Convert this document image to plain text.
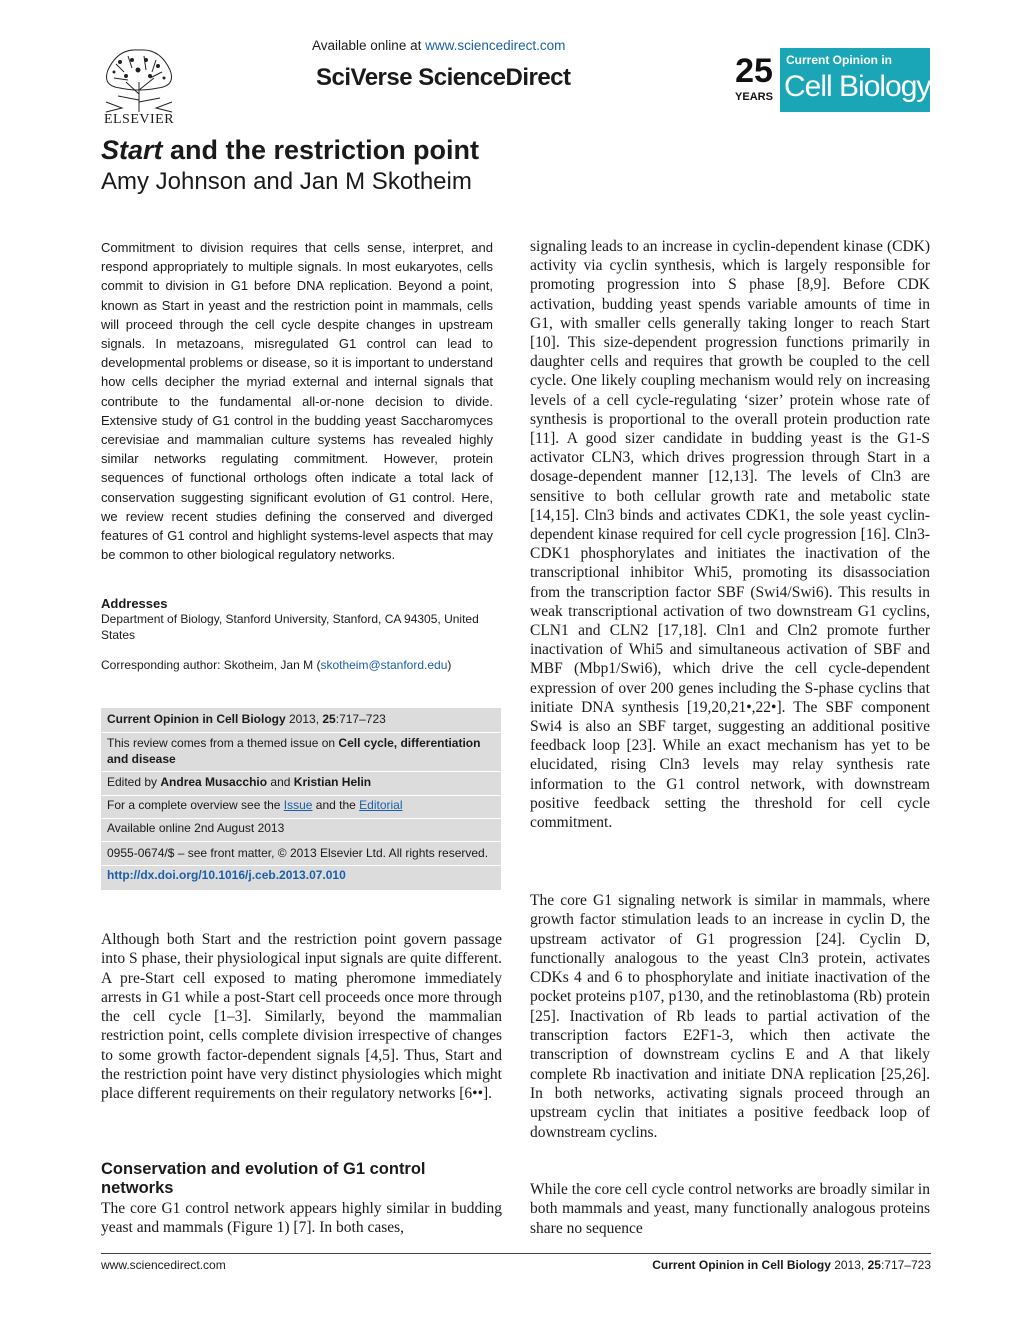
ELSEVIER
Available online at www.sciencedirect.com
SciVerse ScienceDirect	25
YEARS
Current Opinion in
Cell Biology
Start and the restriction point
Amy Johnson and Jan M Skotheim
Commitment to division requires that cells sense, interpret, and respond appropriately to multiple signals. In most eukaryotes, cells commit to division in G1 before DNA replication. Beyond a point, known as Start in yeast and the restriction point in mammals, cells will proceed through the cell cycle despite changes in upstream signals. In metazoans, misregulated G1 control can lead to developmental problems or disease, so it is important to understand how cells decipher the myriad external and internal signals that contribute to the fundamental all-or-none decision to divide. Extensive study of G1 control in the budding yeast Saccharomyces cerevisiae and mammalian culture systems has revealed highly similar networks regulating commitment. However, protein sequences of functional orthologs often indicate a total lack of conservation suggesting significant evolution of G1 control. Here, we review recent studies defining the conserved and diverged features of G1 control and highlight systems-level aspects that may be common to other biological regulatory networks.
Addresses
Department of Biology, Stanford University, Stanford, CA 94305, United States
Corresponding author: Skotheim, Jan M (skotheim@stanford.edu)
Current Opinion in Cell Biology 2013, 25:717–723
This review comes from a themed issue on Cell cycle, differentiation and disease
Edited by Andrea Musacchio and Kristian Helin
For a complete overview see the Issue and the Editorial
Available online 2nd August 2013
0955-0674/$ – see front matter, © 2013 Elsevier Ltd. All rights reserved.
http://dx.doi.org/10.1016/j.ceb.2013.07.010
Although both Start and the restriction point govern passage into S phase, their physiological input signals are quite different. A pre-Start cell exposed to mating pheromone immediately arrests in G1 while a post-Start cell proceeds once more through the cell cycle [1–3]. Similarly, beyond the mammalian restriction point, cells complete division irrespective of changes to some growth factor-dependent signals [4,5]. Thus, Start and the restriction point have very distinct physiologies which might place different requirements on their regulatory networks [6••].
Conservation and evolution of G1 control networks
The core G1 control network appears highly similar in budding yeast and mammals (Figure 1) [7]. In both cases,
signaling leads to an increase in cyclin-dependent kinase (CDK) activity via cyclin synthesis, which is largely responsible for promoting progression into S phase [8,9]. Before CDK activation, budding yeast spends variable amounts of time in G1, with smaller cells generally taking longer to reach Start [10]. This size-dependent progression functions primarily in daughter cells and requires that growth be coupled to the cell cycle. One likely coupling mechanism would rely on increasing levels of a cell cycle-regulating ‘sizer’ protein whose rate of synthesis is proportional to the overall protein production rate [11]. A good sizer candidate in budding yeast is the G1-S activator CLN3, which drives progression through Start in a dosage-dependent manner [12,13]. The levels of Cln3 are sensitive to both cellular growth rate and metabolic state [14,15]. Cln3 binds and activates CDK1, the sole yeast cyclin-dependent kinase required for cell cycle progression [16]. Cln3-CDK1 phosphorylates and initiates the inactivation of the transcriptional inhibitor Whi5, promoting its disassociation from the transcription factor SBF (Swi4/Swi6). This results in weak transcriptional activation of two downstream G1 cyclins, CLN1 and CLN2 [17,18]. Cln1 and Cln2 promote further inactivation of Whi5 and simultaneous activation of SBF and MBF (Mbp1/Swi6), which drive the cell cycle-dependent expression of over 200 genes including the S-phase cyclins that initiate DNA synthesis [19,20,21•,22•]. The SBF component Swi4 is also an SBF target, suggesting an additional positive feedback loop [23]. While an exact mechanism has yet to be elucidated, rising Cln3 levels may relay synthesis rate information to the G1 control network, with downstream positive feedback setting the threshold for cell cycle commitment.
The core G1 signaling network is similar in mammals, where growth factor stimulation leads to an increase in cyclin D, the upstream activator of G1 progression [24]. Cyclin D, functionally analogous to the yeast Cln3 protein, activates CDKs 4 and 6 to phosphorylate and initiate inactivation of the pocket proteins p107, p130, and the retinoblastoma (Rb) protein [25]. Inactivation of Rb leads to partial activation of the transcription factors E2F1-3, which then activate the transcription of downstream cyclins E and A that likely complete Rb inactivation and initiate DNA replication [25,26]. In both networks, activating signals proceed through an upstream cyclin that initiates a positive feedback loop of downstream cyclins.
While the core cell cycle control networks are broadly similar in both mammals and yeast, many functionally analogous proteins share no sequence
www.sciencedirect.com	Current Opinion in Cell Biology 2013, 25:717–723
